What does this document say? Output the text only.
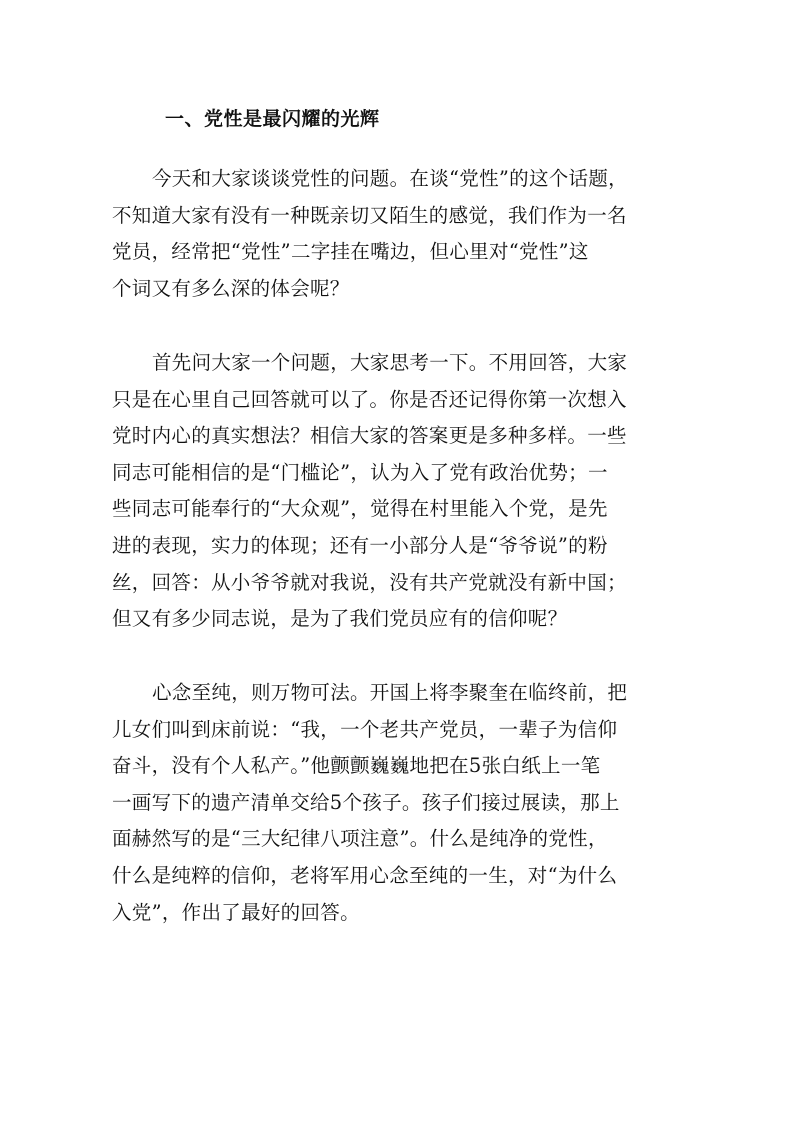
一、党性是最闪耀的光辉
今天和大家谈谈党性的问题。在谈“党性”的这个话题，
不知道大家有没有一种既亲切又陌生的感觉，我们作为一名
党员，经常把“党性”二字挂在嘴边，但心里对“党性”这
个词又有多么深的体会呢？
首先问大家一个问题，大家思考一下。不用回答，大家
只是在心里自己回答就可以了。你是否还记得你第一次想入
党时内心的真实想法？相信大家的答案更是多种多样。一些
同志可能相信的是“门槛论”，认为入了党有政治优势；一
些同志可能奉行的“大众观”，觉得在村里能入个党，是先
进的表现，实力的体现；还有一小部分人是“爷爷说”的粉
丝，回答：从小爷爷就对我说，没有共产党就没有新中国；
但又有多少同志说，是为了我们党员应有的信仰呢？
心念至纯，则万物可法。开国上将李聚奎在临终前，把
儿女们叫到床前说：“我，一个老共产党员，一辈子为信仰
奋斗，没有个人私产。”他颤颤巍巍地把在5张白纸上一笔
一画写下的遗产清单交给5个孩子。孩子们接过展读，那上
面赫然写的是“三大纪律八项注意”。什么是纯净的党性，
什么是纯粹的信仰，老将军用心念至纯的一生，对“为什么
入党”，作出了最好的回答。
